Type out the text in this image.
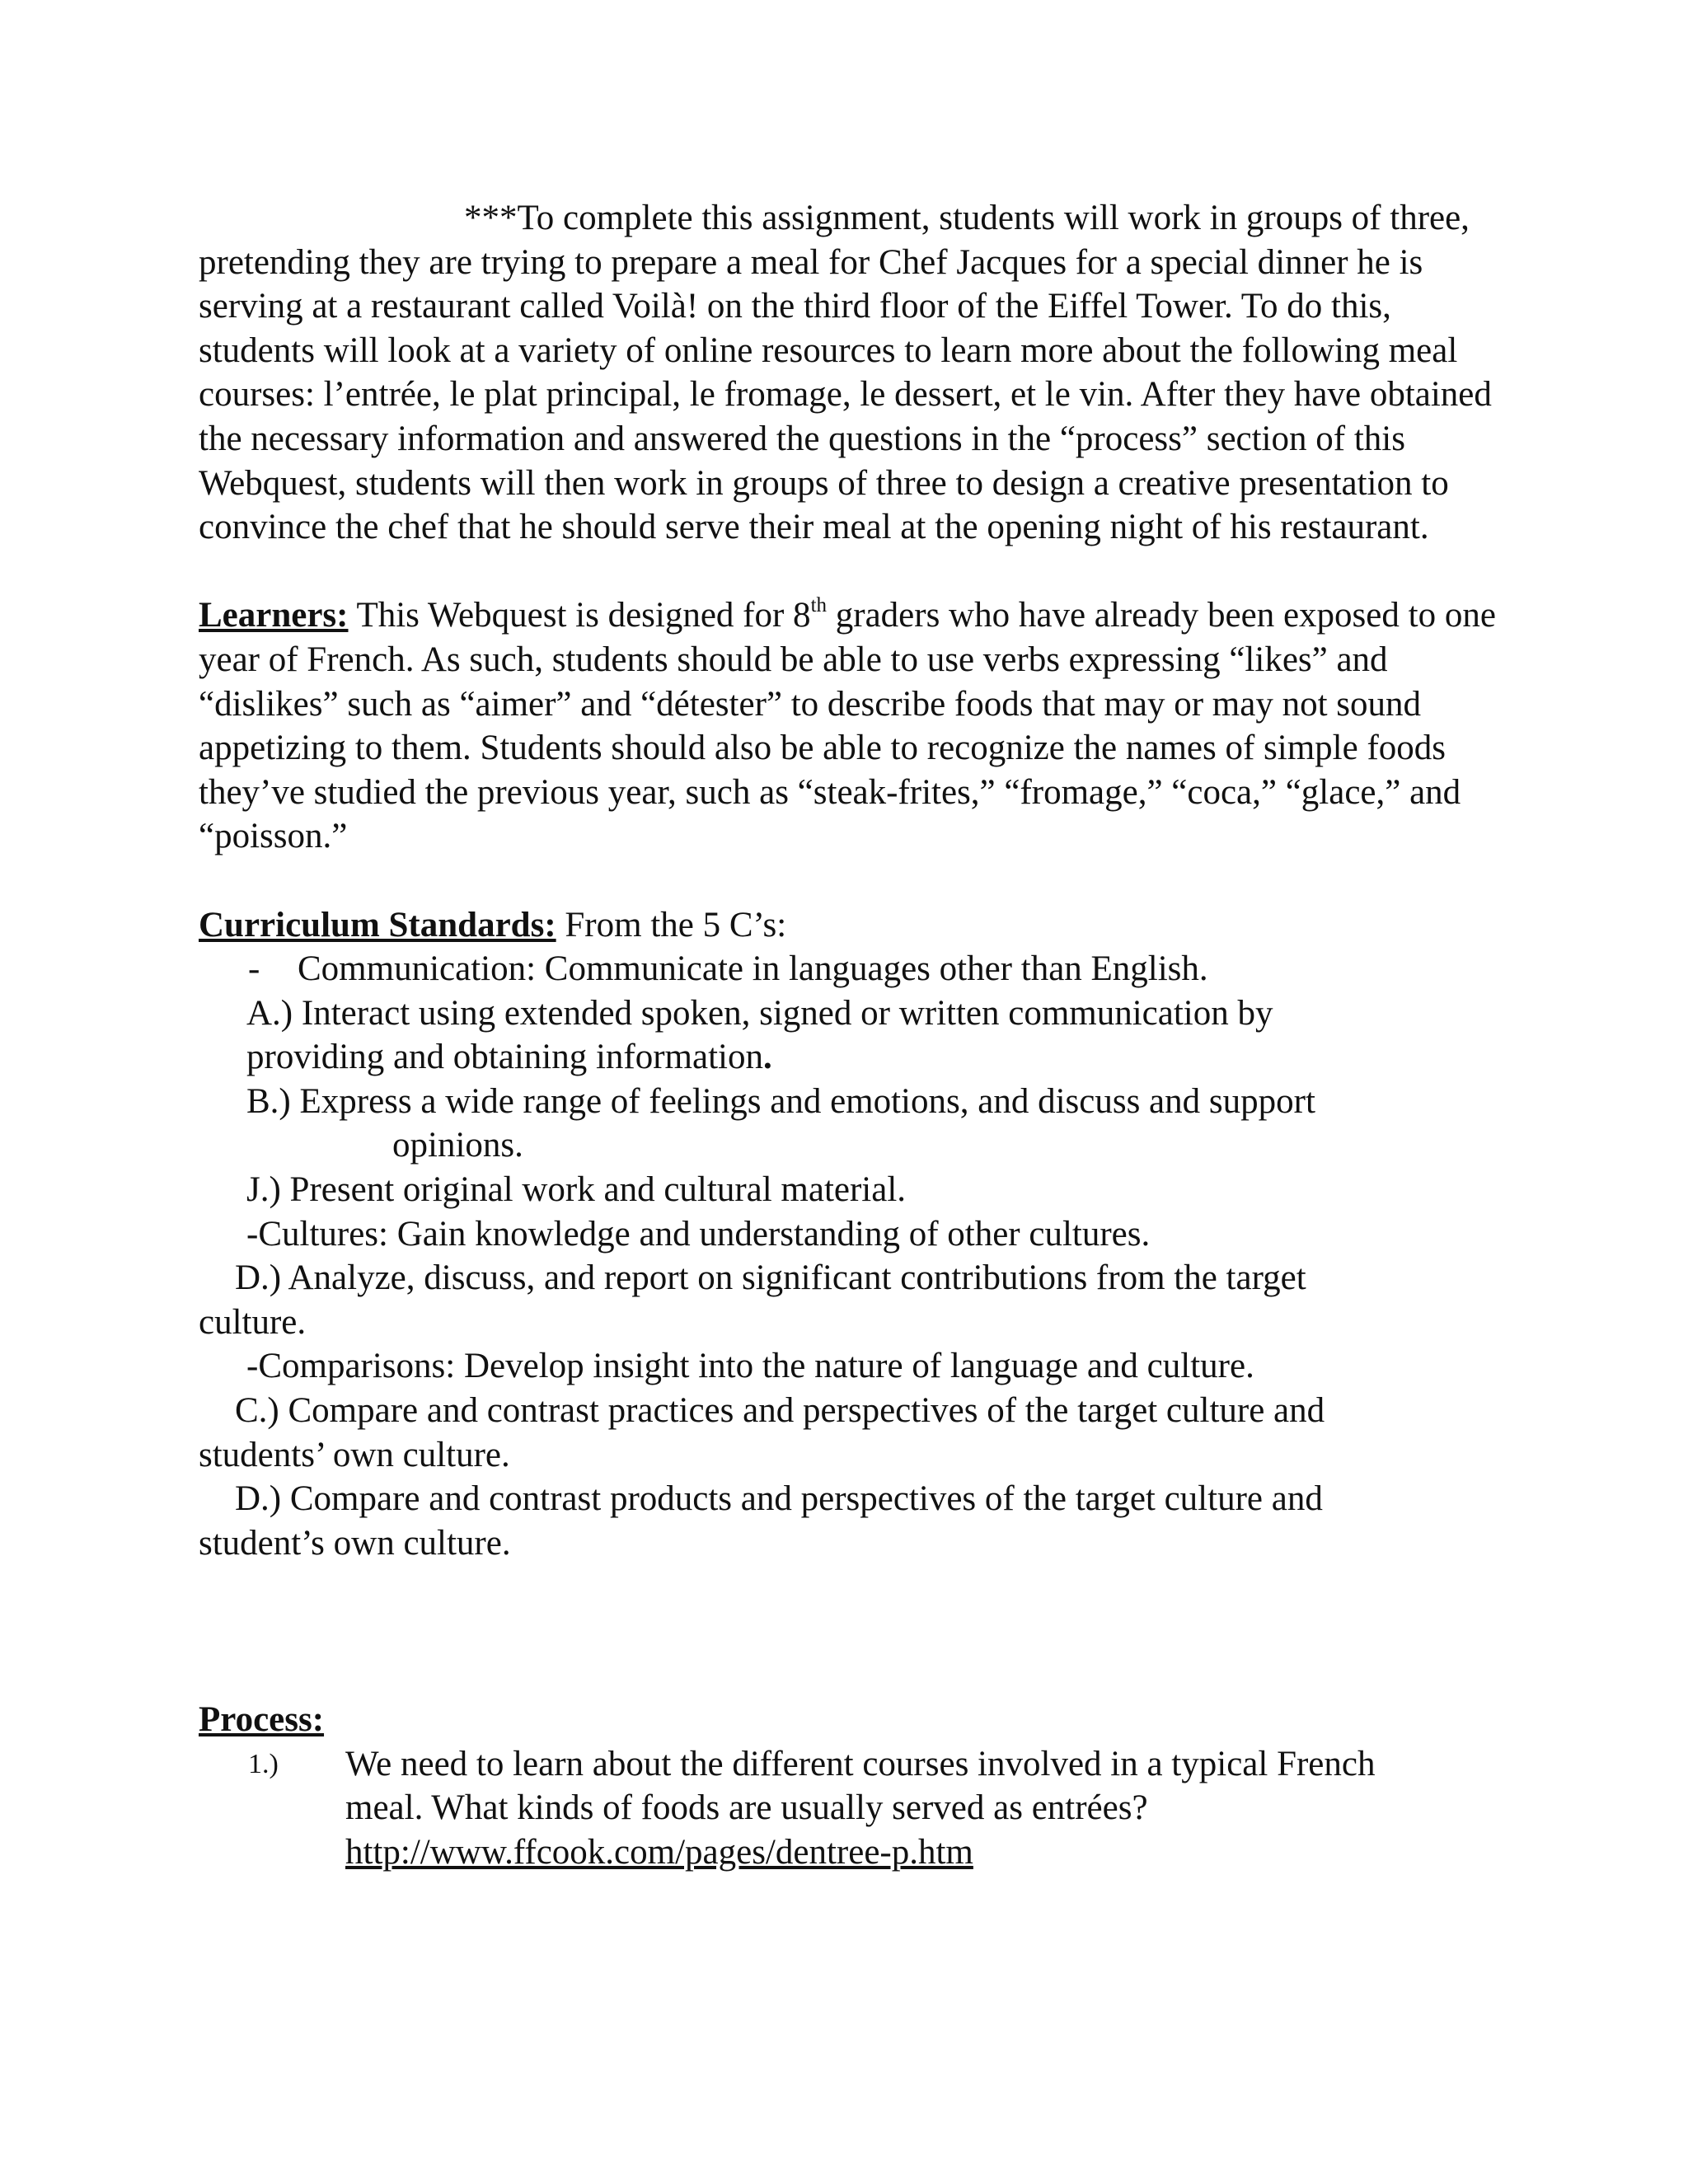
***To complete this assignment, students will work in groups of three, pretending they are trying to prepare a meal for Chef Jacques for a special dinner he is serving at a restaurant called Voilà! on the third floor of the Eiffel Tower. To do this, students will look at a variety of online resources to learn more about the following meal courses: l’entrée, le plat principal, le fromage, le dessert, et le vin. After they have obtained the necessary information and answered the questions in the “process” section of this Webquest, students will then work in groups of three to design a creative presentation to convince the chef that he should serve their meal at the opening night of his restaurant.

Learners: This Webquest is designed for 8th graders who have already been exposed to one year of French. As such, students should be able to use verbs expressing “likes” and “dislikes” such as “aimer” and “détester” to describe foods that may or may not sound appetizing to them. Students should also be able to recognize the names of simple foods they’ve studied the previous year, such as “steak-frites,” “fromage,” “coca,” “glace,” and “poisson.”

Curriculum Standards: From the 5 C’s:

- Communication: Communicate in languages other than English.

A.) Interact using extended spoken, signed or written communication by

providing and obtaining information.

B.) Express a wide range of feelings and emotions, and discuss and support

opinions.

J.) Present original work and cultural material.

-Cultures: Gain knowledge and understanding of other cultures.

D.) Analyze, discuss, and report on significant contributions from the target

culture.

-Comparisons: Develop insight into the nature of language and culture.

C.) Compare and contrast practices and perspectives of the target culture and

students’ own culture.

D.) Compare and contrast products and perspectives of the target culture and

student’s own culture.

Process:

1.) We need to learn about the different courses involved in a typical French

meal. What kinds of foods are usually served as entrées?

http://www.ffcook.com/pages/dentree-p.htm
